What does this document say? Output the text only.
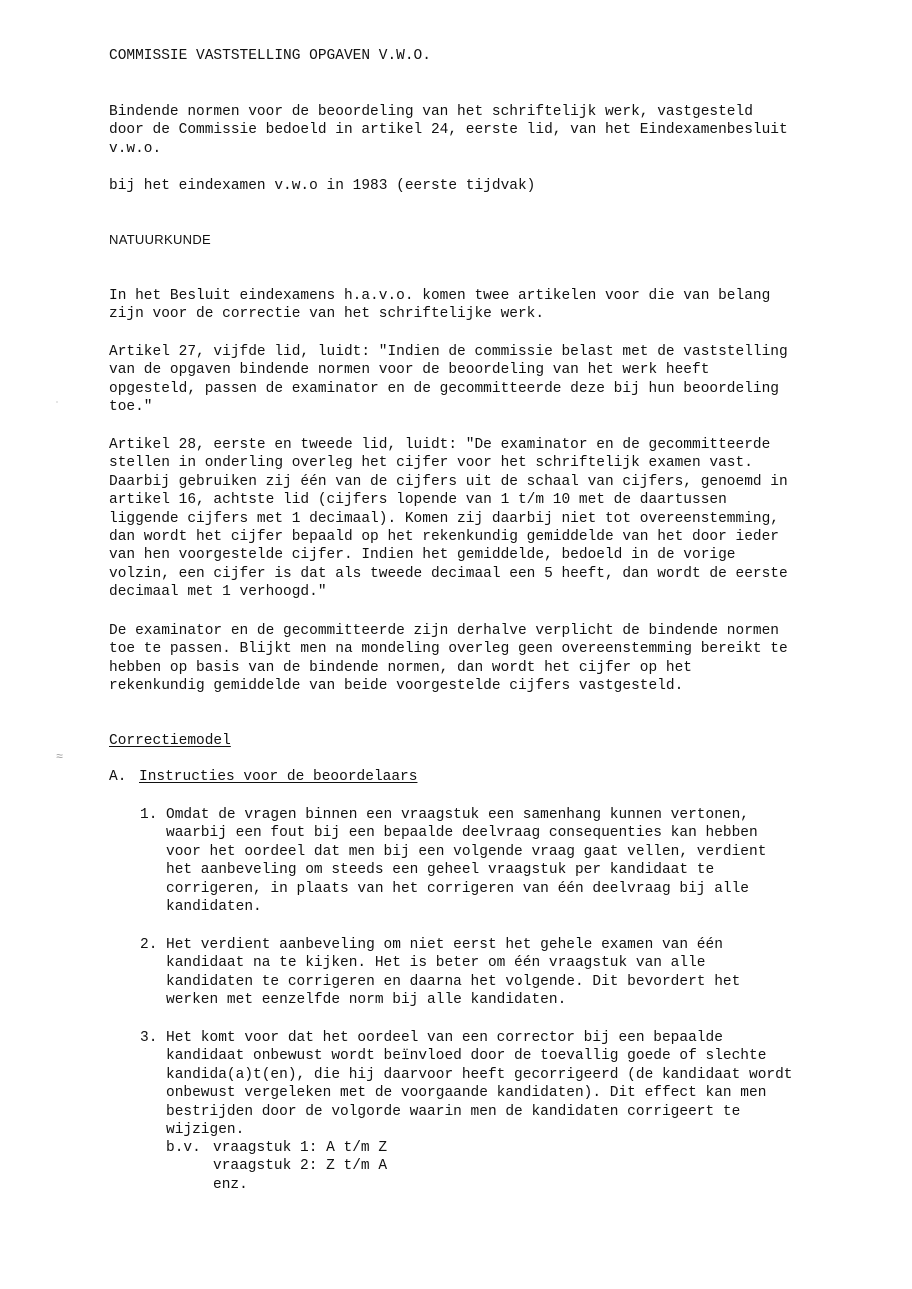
COMMISSIE VASTSTELLING OPGAVEN V.W.O.
Bindende normen voor de beoordeling van het schriftelijk werk, vastgesteld
door de Commissie bedoeld in artikel 24, eerste lid, van het Eindexamenbesluit
v.w.o.
bij het eindexamen v.w.o in 1983 (eerste tijdvak)
NATUURKUNDE
In het Besluit eindexamens h.a.v.o. komen twee artikelen voor die van belang
zijn voor de correctie van het schriftelijke werk.
Artikel 27, vijfde lid, luidt: "Indien de commissie belast met de vaststelling
van de opgaven bindende normen voor de beoordeling van het werk heeft
opgesteld, passen de examinator en de gecommitteerde deze bij hun beoordeling
toe."
Artikel 28, eerste en tweede lid, luidt: "De examinator en de gecommitteerde
stellen in onderling overleg het cijfer voor het schriftelijk examen vast.
Daarbij gebruiken zij één van de cijfers uit de schaal van cijfers, genoemd in
artikel 16, achtste lid (cijfers lopende van 1 t/m 10 met de daartussen
liggende cijfers met 1 decimaal). Komen zij daarbij niet tot overeenstemming,
dan wordt het cijfer bepaald op het rekenkundig gemiddelde van het door ieder
van hen voorgestelde cijfer. Indien het gemiddelde, bedoeld in de vorige
volzin, een cijfer is dat als tweede decimaal een 5 heeft, dan wordt de eerste
decimaal met 1 verhoogd."
De examinator en de gecommitteerde zijn derhalve verplicht de bindende normen
toe te passen. Blijkt men na mondeling overleg geen overeenstemming bereikt te
hebben op basis van de bindende normen, dan wordt het cijfer op het
rekenkundig gemiddelde van beide voorgestelde cijfers vastgesteld.
Correctiemodel
A. Instructies voor de beoordelaars
1. Omdat de vragen binnen een vraagstuk een samenhang kunnen vertonen,
waarbij een fout bij een bepaalde deelvraag consequenties kan hebben
voor het oordeel dat men bij een volgende vraag gaat vellen, verdient
het aanbeveling om steeds een geheel vraagstuk per kandidaat te
corrigeren, in plaats van het corrigeren van één deelvraag bij alle
kandidaten.
2. Het verdient aanbeveling om niet eerst het gehele examen van één
kandidaat na te kijken. Het is beter om één vraagstuk van alle
kandidaten te corrigeren en daarna het volgende. Dit bevordert het
werken met eenzelfde norm bij alle kandidaten.
3. Het komt voor dat het oordeel van een corrector bij een bepaalde
kandidaat onbewust wordt beïnvloed door de toevallig goede of slechte
kandida(a)t(en), die hij daarvoor heeft gecorrigeerd (de kandidaat wordt
onbewust vergeleken met de voorgaande kandidaten). Dit effect kan men
bestrijden door de volgorde waarin men de kandidaten corrigeert te
wijzigen.
b.v. vraagstuk 1: A t/m Z
vraagstuk 2: Z t/m A
enz.
˙
≈
